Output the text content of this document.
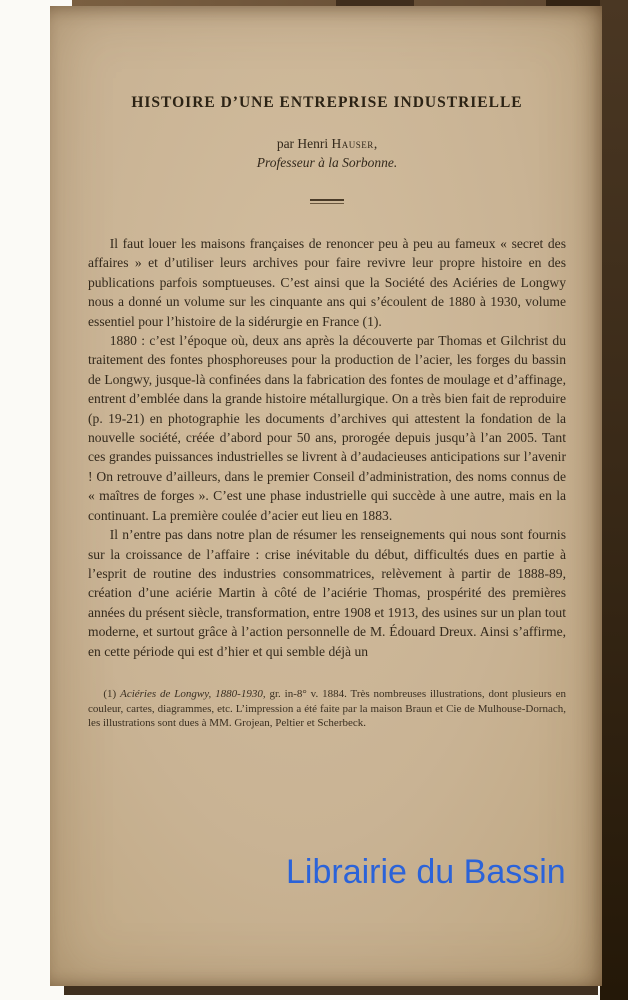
HISTOIRE D’UNE ENTREPRISE INDUSTRIELLE

par Henri Hauser,

Professeur à la Sorbonne.

Il faut louer les maisons françaises de renoncer peu à peu au fameux « secret des affaires » et d’utiliser leurs archives pour faire revivre leur propre histoire en des publications parfois somptueuses. C’est ainsi que la Société des Aciéries de Longwy nous a donné un volume sur les cinquante ans qui s’écoulent de 1880 à 1930, volume essentiel pour l’histoire de la sidérurgie en France (1).

1880 : c’est l’époque où, deux ans après la découverte par Thomas et Gilchrist du traitement des fontes phosphoreuses pour la production de l’acier, les forges du bassin de Longwy, jusque-là confinées dans la fabrication des fontes de moulage et d’affinage, entrent d’emblée dans la grande histoire métallurgique. On a très bien fait de reproduire (p. 19-21) en photographie les documents d’archives qui attestent la fondation de la nouvelle société, créée d’abord pour 50 ans, prorogée depuis jusqu’à l’an 2005. Tant ces grandes puissances industrielles se livrent à d’audacieuses anticipations sur l’avenir ! On retrouve d’ailleurs, dans le premier Conseil d’administration, des noms connus de « maîtres de forges ». C’est une phase industrielle qui succède à une autre, mais en la continuant. La première coulée d’acier eut lieu en 1883.

Il n’entre pas dans notre plan de résumer les renseignements qui nous sont fournis sur la croissance de l’affaire : crise inévitable du début, difficultés dues en partie à l’esprit de routine des industries consommatrices, relèvement à partir de 1888-89, création d’une aciérie Martin à côté de l’aciérie Thomas, prospérité des premières années du présent siècle, transformation, entre 1908 et 1913, des usines sur un plan tout moderne, et surtout grâce à l’action personnelle de M. Édouard Dreux. Ainsi s’affirme, en cette période qui est d’hier et qui semble déjà un

(1) Aciéries de Longwy, 1880-1930, gr. in-8° v. 1884. Très nombreuses illustrations, dont plusieurs en couleur, cartes, diagrammes, etc. L’impression a été faite par la maison Braun et Cie de Mulhouse-Dornach, les illustrations sont dues à MM. Grojean, Peltier et Scherbeck.

Librairie du Bassin
